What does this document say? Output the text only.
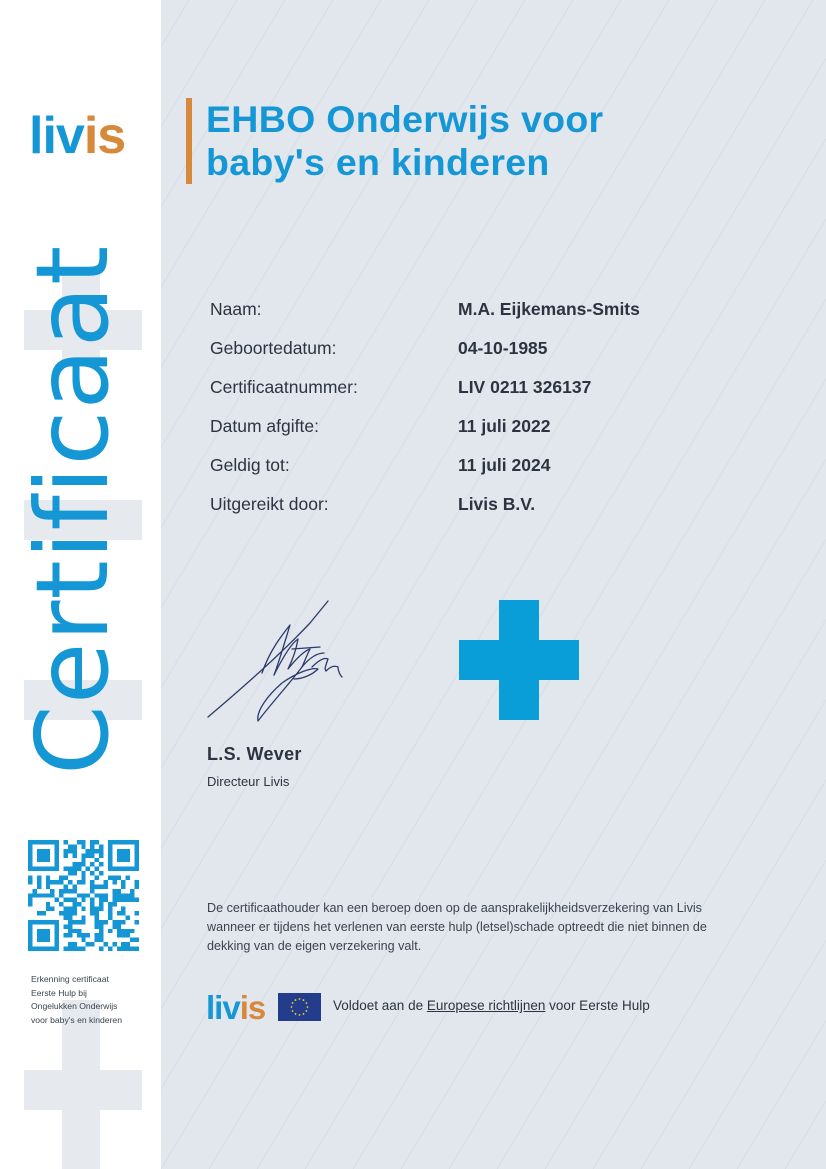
livis
Certificaat
Erkenning certificaat
Eerste Hulp bij
Ongelukken Onderwijs
voor baby's en kinderen
EHBO Onderwijs voor
baby's en kinderen
Naam:	M.A. Eijkemans-Smits
Geboortedatum:	04-10-1985
Certificaatnummer:	LIV 0211 326137
Datum afgifte:	11 juli 2022
Geldig tot:	11 juli 2024
Uitgereikt door:	Livis B.V.
L.S. Wever
Directeur Livis
De certificaathouder kan een beroep doen op de aansprakelijkheidsverzekering van Livis wanneer er tijdens het verlenen van eerste hulp (letsel)schade optreedt die niet binnen de dekking van de eigen verzekering valt.
livis	Voldoet aan de Europese richtlijnen voor Eerste Hulp
